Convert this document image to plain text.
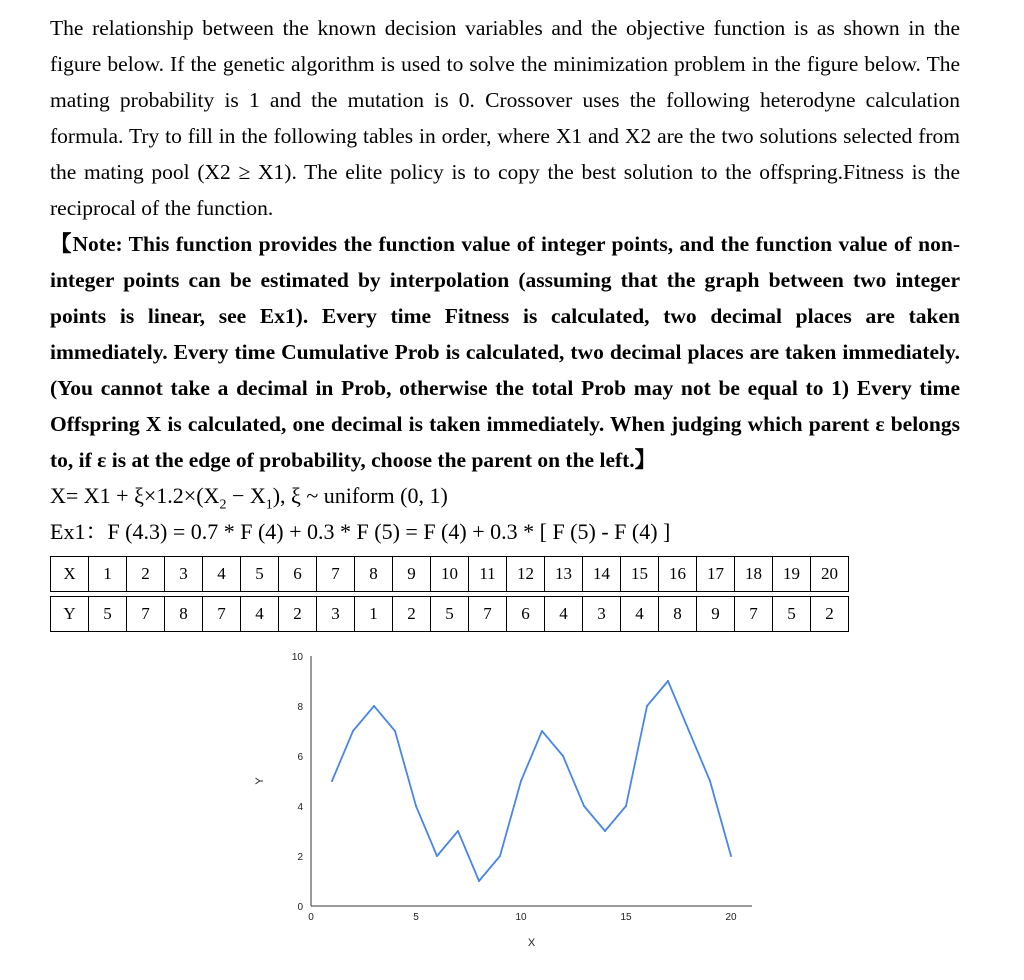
The relationship between the known decision variables and the objective function is as shown in the figure below. If the genetic algorithm is used to solve the minimization problem in the figure below. The mating probability is 1 and the mutation is 0. Crossover uses the following heterodyne calculation formula. Try to fill in the following tables in order, where X1 and X2 are the two solutions selected from the mating pool (X2 ≥ X1). The elite policy is to copy the best solution to the offspring.Fitness is the reciprocal of the function.

【Note: This function provides the function value of integer points, and the function value of non-integer points can be estimated by interpolation (assuming that the graph between two integer points is linear, see Ex1). Every time Fitness is calculated, two decimal places are taken immediately. Every time Cumulative Prob is calculated, two decimal places are taken immediately. (You cannot take a decimal in Prob, otherwise the total Prob may not be equal to 1) Every time Offspring X is calculated, one decimal is taken immediately. When judging which parent ε belongs to, if ε is at the edge of probability, choose the parent on the left.】

$X= X1 + \xi\times 1.2\times(X_2 - X_1)$, ξ ~ uniform (0, 1)

Ex1：F (4.3) = 0.7 * F (4) + 0.3 * F (5) = F (4) + 0.3 * [ F (5) - F (4) ]

X	1	2	3	4	5	6	7	8	9	10	11	12	13	14	15	16	17	18	19	20

Y	5	7	8	7	4	2	3	1	2	5	7	6	4	3	4	8	9	7	5	2
0
2
4
6
8
10
0	5	10	15	20
X
Y
